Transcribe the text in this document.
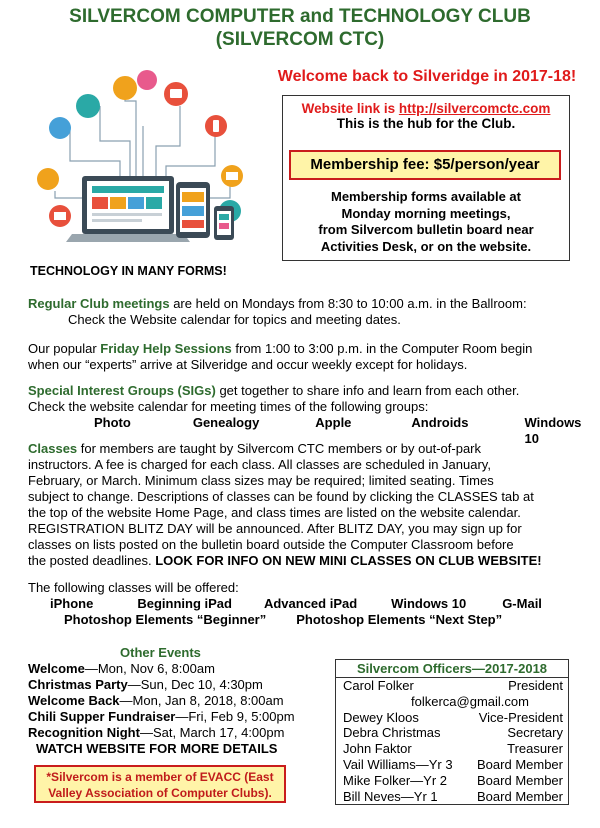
SILVERCOM COMPUTER and TECHNOLOGY CLUB
(SILVERCOM CTC)
TECHNOLOGY IN MANY FORMS!
Welcome back to Silveridge in 2017-18!
Website link is http://silvercomctc.com
This is the hub for the Club.
Membership fee: $5/person/year
Membership forms available at
Monday morning meetings,
from Silvercom bulletin board near
Activities Desk, or on the website.
Regular Club meetings are held on Mondays from 8:30 to 10:00 a.m. in the Ballroom:
Check the Website calendar for topics and meeting dates.
Our popular Friday Help Sessions from 1:00 to 3:00 p.m. in the Computer Room begin
when our “experts” arrive at Silveridge and occur weekly except for holidays.
Special Interest Groups (SIGs) get together to share info and learn from each other.
Check the website calendar for meeting times of the following groups:
Photo	Genealogy	Apple	Androids	Windows 10
Classes for members are taught by Silvercom CTC members or by out-of-park
instructors. A fee is charged for each class. All classes are scheduled in January,
February, or March. Minimum class sizes may be required; limited seating. Times
subject to change. Descriptions of classes can be found by clicking the CLASSES tab at
the top of the website Home Page, and class times are listed on the website calendar.
REGISTRATION BLITZ DAY will be announced. After BLITZ DAY, you may sign up for
classes on lists posted on the bulletin board outside the Computer Classroom before
the posted deadlines. LOOK FOR INFO ON NEW MINI CLASSES ON CLUB WEBSITE!
The following classes will be offered:
iPhone	Beginning iPad Advanced iPad	Windows 10	G-Mail
Photoshop Elements “Beginner” Photoshop Elements “Next Step”
Other Events
Welcome—Mon, Nov 6, 8:00am
Christmas Party—Sun, Dec 10, 4:30pm
Welcome Back—Mon, Jan 8, 2018, 8:00am
Chili Supper Fundraiser—Fri, Feb 9, 5:00pm
Recognition Night—Sat, March 17, 4:00pm
WATCH WEBSITE FOR MORE DETAILS
*Silvercom is a member of EVACC (East
Valley Association of Computer Clubs).
Silvercom Officers—2017-2018
Carol Folker	President
folkerca@gmail.com
Dewey Kloos	Vice-President
Debra Christmas	Secretary
John Faktor	Treasurer
Vail Williams—Yr 3 Board Member
Mike Folker—Yr 2 Board Member
Bill Neves—Yr 1	Board Member
